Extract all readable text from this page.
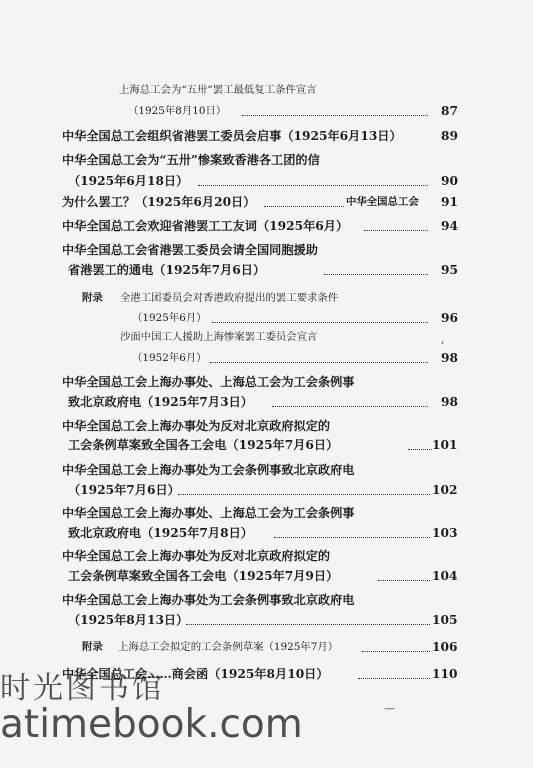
上海总工会为“五卅”罢工最低复工条件宣言
（1925年8月10日）	87
中华全国总工会组织省港罢工委员会启事（1925年6月13日）	89
中华全国总工会为“五卅”惨案致香港各工团的信
（1925年6月18日）	90
为什么罢工？（1925年6月20日）	中华全国总工会 91
中华全国总工会欢迎省港罢工工友词（1925年6月）	94
中华全国总工会省港罢工委员会请全国同胞援助
省港罢工的通电（1925年7月6日）	95
附录 全港工团委员会对香港政府提出的罢工要求条件
（1925年6月）	96
沙面中国工人援助上海惨案罢工委员会宣言	,
（1952年6月）	98
中华全国总工会上海办事处、上海总工会为工会条例事
致北京政府电（1925年7月3日）	98
中华全国总工会上海办事处为反对北京政府拟定的
工会条例草案致全国各工会电（1925年7月6日）	101
中华全国总工会上海办事处为工会条例事致北京政府电
（1925年7月6日）	102
中华全国总工会上海办事处、上海总工会为工会条例事
致北京政府电（1925年7月8日）	103
中华全国总工会上海办事处为反对北京政府拟定的
工会条例草案致全国各工会电（1925年7月9日）	104
中华全国总工会上海办事处为工会条例事致北京政府电
（1925年8月13日）	105
附录 上海总工会拟定的工会条例草案（1925年7月）	106
中华全国总工会……商会函（1925年8月10日）	110
—
时光图书馆
atimebook.com
